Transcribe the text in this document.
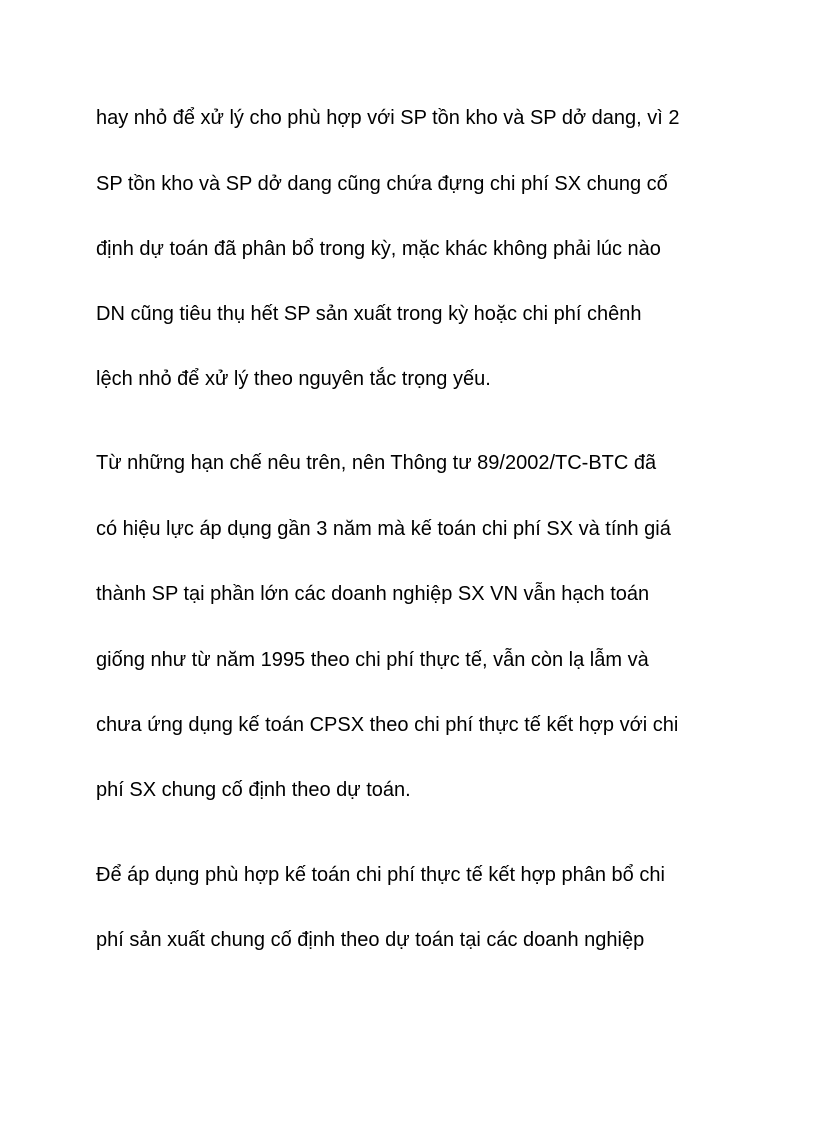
hay nhỏ để xử lý cho phù hợp với SP tồn kho và SP dở dang, vì 2

SP tồn kho và SP dở dang cũng chứa đựng chi phí SX chung cố

định dự toán đã phân bổ trong kỳ, mặc khác không phải lúc nào

DN cũng tiêu thụ hết SP sản xuất trong kỳ hoặc chi phí chênh

lệch nhỏ để xử lý theo nguyên tắc trọng yếu.

Từ những hạn chế nêu trên, nên Thông tư 89/2002/TC-BTC đã

có hiệu lực áp dụng gần 3 năm mà kế toán chi phí SX và tính giá

thành SP tại phần lớn các doanh nghiệp SX VN vẫn hạch toán

giống như từ năm 1995 theo chi phí thực tế, vẫn còn lạ lẫm và

chưa ứng dụng kế toán CPSX theo chi phí thực tế kết hợp với chi

phí SX chung cố định theo dự toán.

Để áp dụng phù hợp kế toán chi phí thực tế kết hợp phân bổ chi

phí sản xuất chung cố định theo dự toán tại các doanh nghiệp
